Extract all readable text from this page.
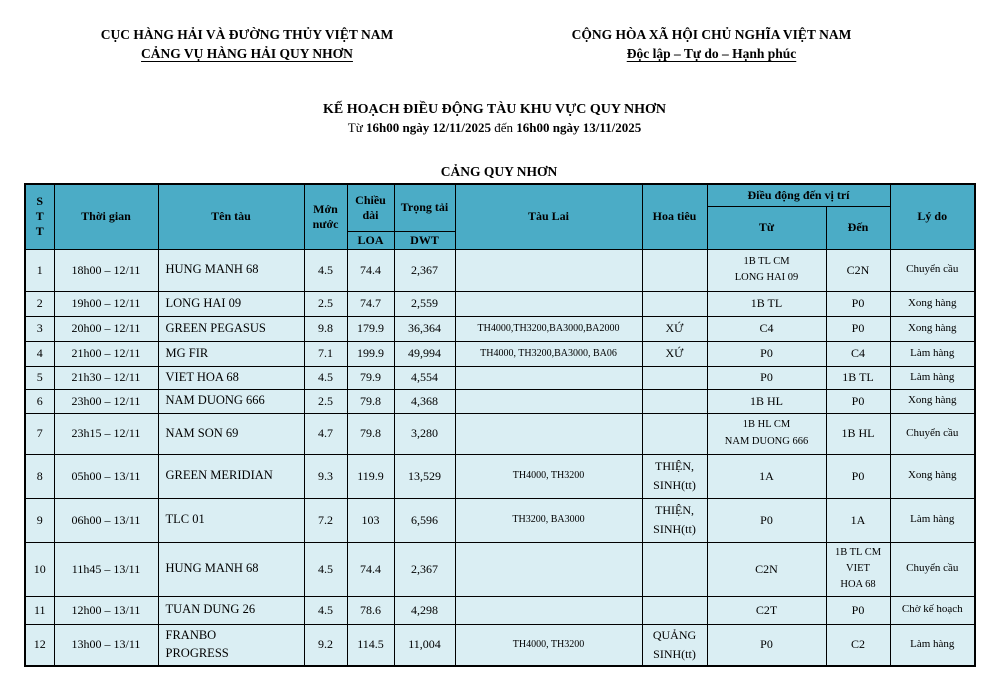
CỤC HÀNG HẢI VÀ ĐƯỜNG THỦY VIỆT NAM
CẢNG VỤ HÀNG HẢI QUY NHƠN
CỘNG HÒA XÃ HỘI CHỦ NGHĨA VIỆT NAM
Độc lập – Tự do – Hạnh phúc
KẾ HOẠCH ĐIỀU ĐỘNG TÀU KHU VỰC QUY NHƠN
Từ 16h00 ngày 12/11/2025 đến 16h00 ngày 13/11/2025
CẢNG QUY NHƠN
S
T
T	Thời gian	Tên tàu	Mớn
nước	Chiều
dài	Trọng tải	Tàu Lai	Hoa tiêu	Điều động đến vị trí		Lý do
								Từ	Đến	
				LOA	DWT					
1	18h00 – 12/11	HUNG MANH 68	4.5	74.4	2,367			1B TL CM
LONG HAI 09	C2N	Chuyển cầu
2	19h00 – 12/11	LONG HAI 09	2.5	74.7	2,559			1B TL	P0	Xong hàng
3	20h00 – 12/11	GREEN PEGASUS	9.8	179.9	36,364	TH4000,TH3200,BA3000,BA2000	XỨ	C4	P0	Xong hàng
4	21h00 – 12/11	MG FIR	7.1	199.9	49,994	TH4000, TH3200,BA3000, BA06	XỨ	P0	C4	Làm hàng
5	21h30 – 12/11	VIET HOA 68	4.5	79.9	4,554			P0	1B TL	Làm hàng
6	23h00 – 12/11	NAM DUONG 666	2.5	79.8	4,368			1B HL	P0	Xong hàng
7	23h15 – 12/11	NAM SON 69	4.7	79.8	3,280			1B HL CM
NAM DUONG 666	1B HL	Chuyển cầu
8	05h00 – 13/11	GREEN MERIDIAN	9.3	119.9	13,529	TH4000, TH3200	THIỆN,
SINH(tt)	1A	P0	Xong hàng
9	06h00 – 13/11	TLC 01	7.2	103	6,596	TH3200, BA3000	THIỆN,
SINH(tt)	P0	1A	Làm hàng
10	11h45 – 13/11	HUNG MANH 68	4.5	74.4	2,367			C2N	1B TL CM
VIET
HOA 68	Chuyển cầu
11	12h00 – 13/11	TUAN DUNG 26	4.5	78.6	4,298			C2T	P0	Chờ kế hoạch
12	13h00 – 13/11	FRANBO
PROGRESS	9.2	114.5	11,004	TH4000, TH3200	QUẢNG
SINH(tt)	P0	C2	Làm hàng
